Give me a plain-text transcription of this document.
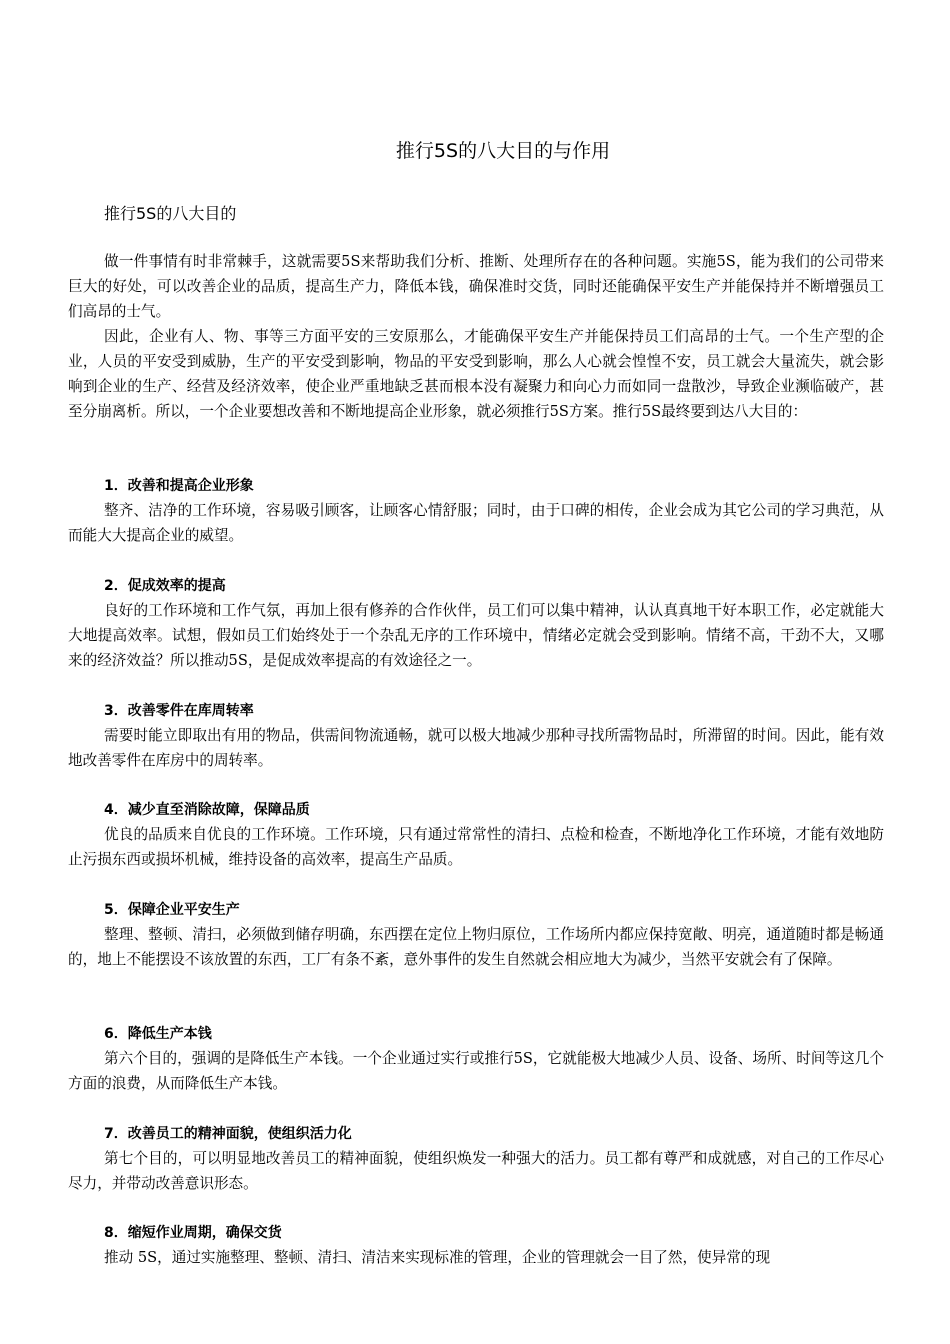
推行5S的八大目的与作用
推行5S的八大目的

做一件事情有时非常棘手，这就需要5S来帮助我们分析、推断、处理所存在的各种问题。实施5S，能为我们的公司带来巨大的好处，可以改善企业的品质，提高生产力，降低本钱，确保准时交货，同时还能确保平安生产并能保持并不断增强员工们高昂的士气。

因此，企业有人、物、事等三方面平安的三安原那么，才能确保平安生产并能保持员工们高昂的士气。一个生产型的企业，人员的平安受到威胁，生产的平安受到影响，物品的平安受到影响，那么人心就会惶惶不安，员工就会大量流失，就会影响到企业的生产、经营及经济效率，使企业严重地缺乏甚而根本没有凝聚力和向心力而如同一盘散沙，导致企业濒临破产，甚至分崩离析。所以，一个企业要想改善和不断地提高企业形象，就必须推行5S方案。推行5S最终要到达八大目的：

1．改善和提高企业形象

整齐、洁净的工作环境，容易吸引顾客，让顾客心情舒服；同时，由于口碑的相传，企业会成为其它公司的学习典范，从而能大大提高企业的威望。

2．促成效率的提高

良好的工作环境和工作气氛，再加上很有修养的合作伙伴，员工们可以集中精神，认认真真地干好本职工作，必定就能大大地提高效率。试想，假如员工们始终处于一个杂乱无序的工作环境中，情绪必定就会受到影响。情绪不高，干劲不大，又哪来的经济效益？所以推动5S，是促成效率提高的有效途径之一。

3．改善零件在库周转率

需要时能立即取出有用的物品，供需间物流通畅，就可以极大地减少那种寻找所需物品时，所滞留的时间。因此，能有效地改善零件在库房中的周转率。

4．减少直至消除故障，保障品质

优良的品质来自优良的工作环境。工作环境，只有通过常常性的清扫、点检和检查，不断地净化工作环境，才能有效地防止污损东西或损坏机械，维持设备的高效率，提高生产品质。

5．保障企业平安生产

整理、整顿、清扫，必须做到储存明确，东西摆在定位上物归原位，工作场所内都应保持宽敞、明亮，通道随时都是畅通的，地上不能摆设不该放置的东西，工厂有条不紊，意外事件的发生自然就会相应地大为减少，当然平安就会有了保障。

6．降低生产本钱

第六个目的，强调的是降低生产本钱。一个企业通过实行或推行5S，它就能极大地减少人员、设备、场所、时间等这几个方面的浪费，从而降低生产本钱。

7．改善员工的精神面貌，使组织活力化

第七个目的，可以明显地改善员工的精神面貌，使组织焕发一种强大的活力。员工都有尊严和成就感，对自己的工作尽心尽力，并带动改善意识形态。

8．缩短作业周期，确保交货

推动 5S，通过实施整理、整顿、清扫、清洁来实现标准的管理，企业的管理就会一目了然，使异常的现
